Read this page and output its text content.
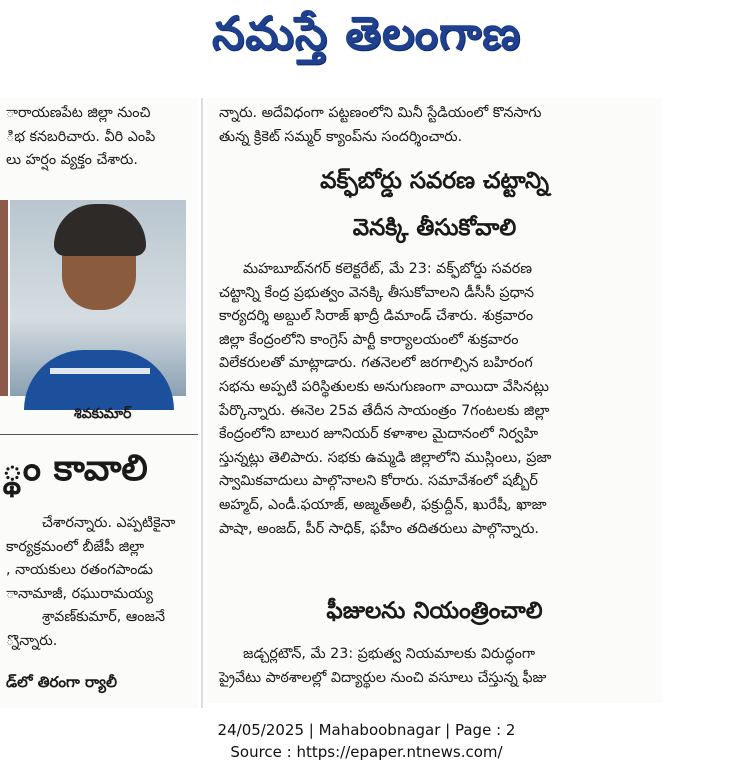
నమస్తే తెలంగాణ

ారాయణపేట జిల్లా నుంచి

ిభ కనబరిచారు. వీరి ఎంపి

లు హర్షం వ్యక్తం చేశారు.

శివకుమార్
్థం కావాలి

చేశారన్నారు. ఎప్పటికైనా

కార్యక్రమంలో బీజేపీ జిల్లా

, నాయకులు రతంగపాండు

ానామాజీ, రఘురామయ్య

శ్రావణ్‌కుమార్, ఆంజనే

్నొన్నారు.

డ్‌లో తిరంగా ర్యాలీ

న్నారు. అదేవిధంగా పట్టణంలోని మినీ స్టేడియంలో కొనసాగు

తున్న క్రికెట్ సమ్మర్ క్యాంప్‌ను సందర్శించారు.

వక్ఫ్‌బోర్డు సవరణ చట్టాన్ని
వెనక్కి తీసుకోవాలి

మహబూబ్‌నగర్ కలెక్టరేట్, మే 23: వక్ఫ్‌బోర్డు సవరణ

చట్టాన్ని కేంద్ర ప్రభుత్వం వెనక్కి తీసుకోవాలని డీసీసీ ప్రధాన

కార్యదర్శి అబ్దుల్ సిరాజ్ ఖాద్రీ డిమాండ్ చేశారు. శుక్రవారం

జిల్లా కేంద్రంలోని కాంగ్రెస్ పార్టీ కార్యాలయంలో శుక్రవారం

విలేకరులతో మాట్లాడారు. గతనెలలో జరగాల్సిన బహిరంగ

సభను అప్పటి పరిస్థితులకు అనుగుణంగా వాయిదా వేసినట్లు

పేర్కొన్నారు. ఈనెల 25వ తేదీన సాయంత్రం 7గంటలకు జిల్లా

కేంద్రంలోని బాలుర జూనియర్ కళాశాల మైదానంలో నిర్వహి

స్తున్నట్లు తెలిపారు. సభకు ఉమ్మడి జిల్లాలోని ముస్లింలు, ప్రజా

స్వామికవాదులు పాల్గొనాలని కోరారు. సమావేశంలో షబ్బీర్

అహ్మద్, ఎండీ.ఫయాజ్, అజ్మత్‌అలీ, ఫక్రుద్దీన్, ఖురేషీ, ఖాజా

పాషా, అంజద్, పీర్ సాధిక్, ఫహీం తదితరులు పాల్గొన్నారు.

ఫీజులను నియంత్రించాలి

జడ్చర్లటౌన్, మే 23: ప్రభుత్వ నియమాలకు విరుద్ధంగా

ప్రైవేటు పాఠశాలల్లో విద్యార్థుల నుంచి వసూలు చేస్తున్న ఫీజు

24/05/2025 | Mahaboobnagar | Page : 2
Source : https://epaper.ntnews.com/
